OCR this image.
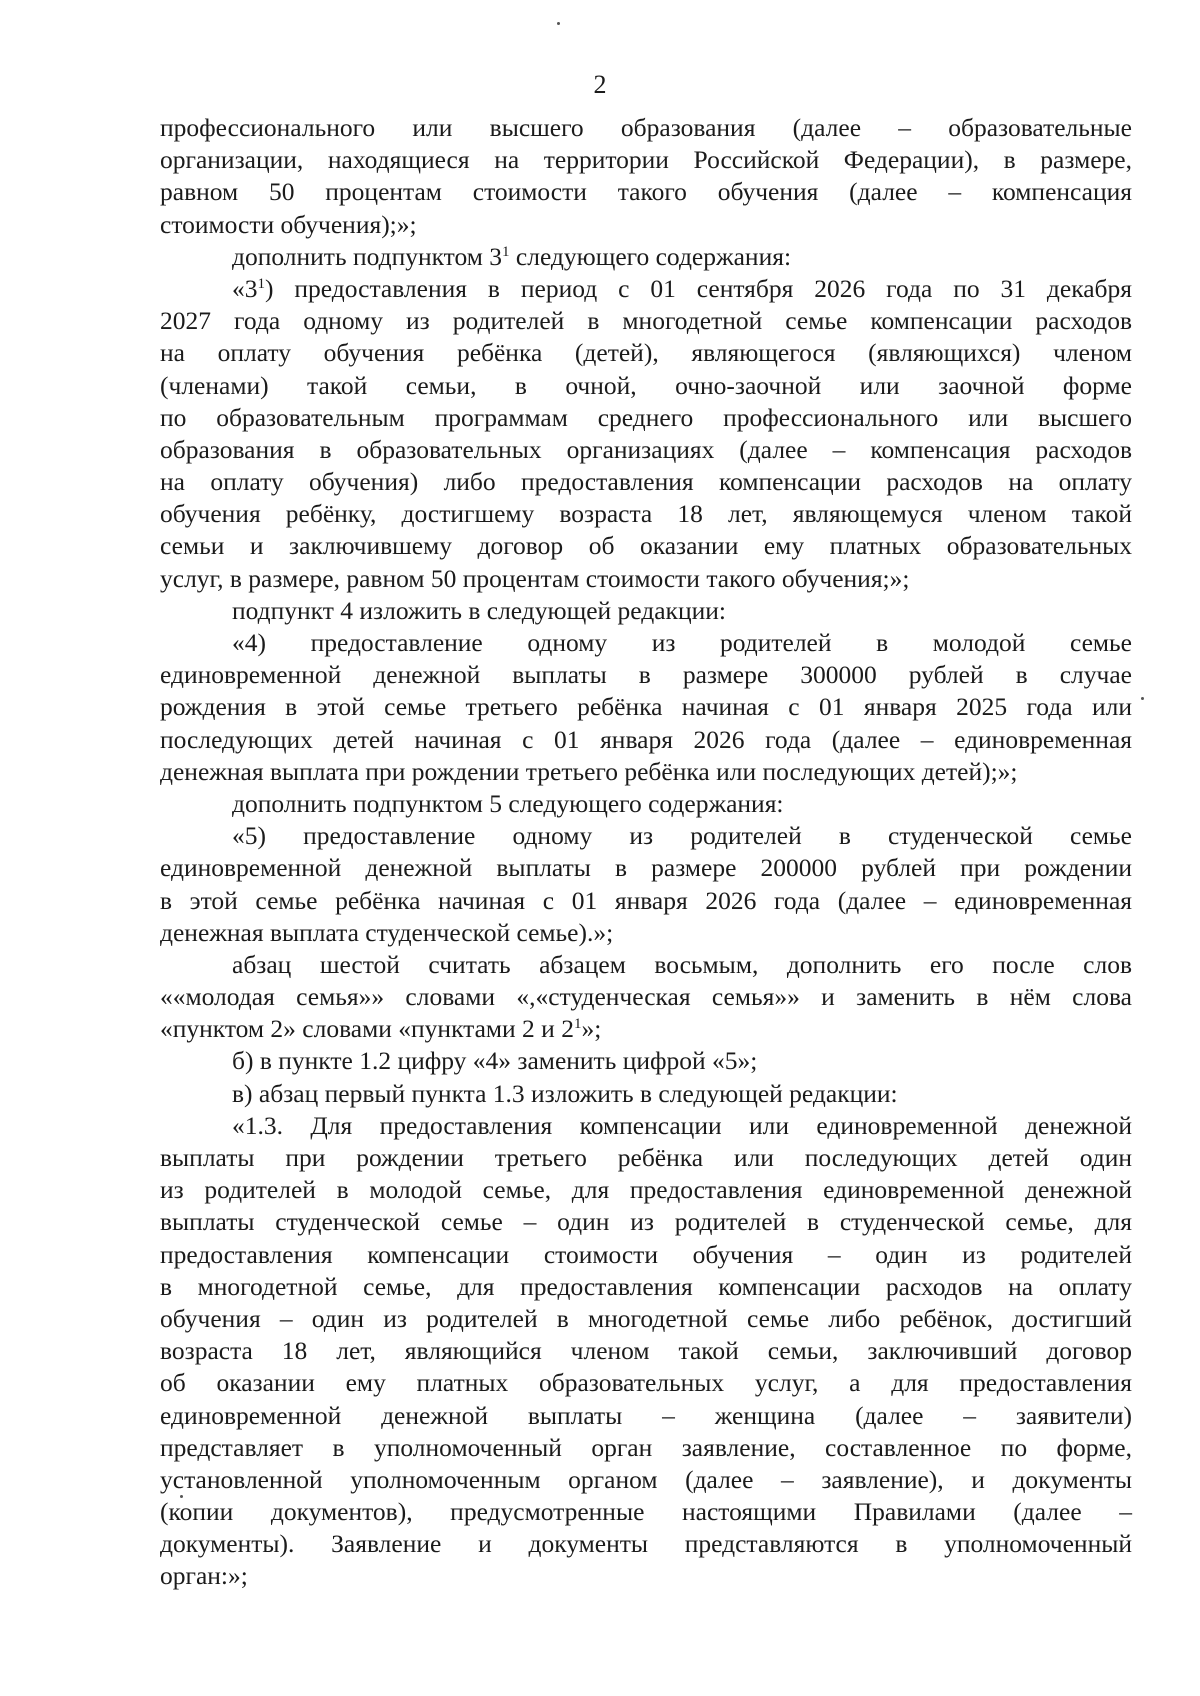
2
профессионального или высшего образования (далее – образовательные
организации, находящиеся на территории Российской Федерации), в размере,
равном 50 процентам стоимости такого обучения (далее – компенсация
стоимости обучения);»;
дополнить подпунктом $3^1$ следующего содержания:
«$3^1$) предоставления в период с 01 сентября 2026 года по 31 декабря
2027 года одному из родителей в многодетной семье компенсации расходов
на оплату обучения ребёнка (детей), являющегося (являющихся) членом
(членами) такой семьи, в очной, очно-заочной или заочной форме
по образовательным программам среднего профессионального или высшего
образования в образовательных организациях (далее – компенсация расходов
на оплату обучения) либо предоставления компенсации расходов на оплату
обучения ребёнку, достигшему возраста 18 лет, являющемуся членом такой
семьи и заключившему договор об оказании ему платных образовательных
услуг, в размере, равном 50 процентам стоимости такого обучения;»;
подпункт 4 изложить в следующей редакции:
«4) предоставление одному из родителей в молодой семье
единовременной денежной выплаты в размере 300000 рублей в случае
рождения в этой семье третьего ребёнка начиная с 01 января 2025 года или
последующих детей начиная с 01 января 2026 года (далее – единовременная
денежная выплата при рождении третьего ребёнка или последующих детей);»;
дополнить подпунктом 5 следующего содержания:
«5) предоставление одному из родителей в студенческой семье
единовременной денежной выплаты в размере 200000 рублей при рождении
в этой семье ребёнка начиная с 01 января 2026 года (далее – единовременная
денежная выплата студенческой семье).»;
абзац шестой считать абзацем восьмым, дополнить его после слов
««молодая семья»» словами «,«студенческая семья»» и заменить в нём слова
«пунктом 2» словами «пунктами 2 и $2^1$»;
б) в пункте 1.2 цифру «4» заменить цифрой «5»;
в) абзац первый пункта 1.3 изложить в следующей редакции:
«1.3. Для предоставления компенсации или единовременной денежной
выплаты при рождении третьего ребёнка или последующих детей один
из родителей в молодой семье, для предоставления единовременной денежной
выплаты студенческой семье – один из родителей в студенческой семье, для
предоставления компенсации стоимости обучения – один из родителей
в многодетной семье, для предоставления компенсации расходов на оплату
обучения – один из родителей в многодетной семье либо ребёнок, достигший
возраста 18 лет, являющийся членом такой семьи, заключивший договор
об оказании ему платных образовательных услуг, а для предоставления
единовременной денежной выплаты – женщина (далее – заявители)
представляет в уполномоченный орган заявление, составленное по форме,
установленной уполномоченным органом (далее – заявление), и документы
(копии документов), предусмотренные настоящими Правилами (далее –
документы). Заявление и документы представляются в уполномоченный
орган:»;
